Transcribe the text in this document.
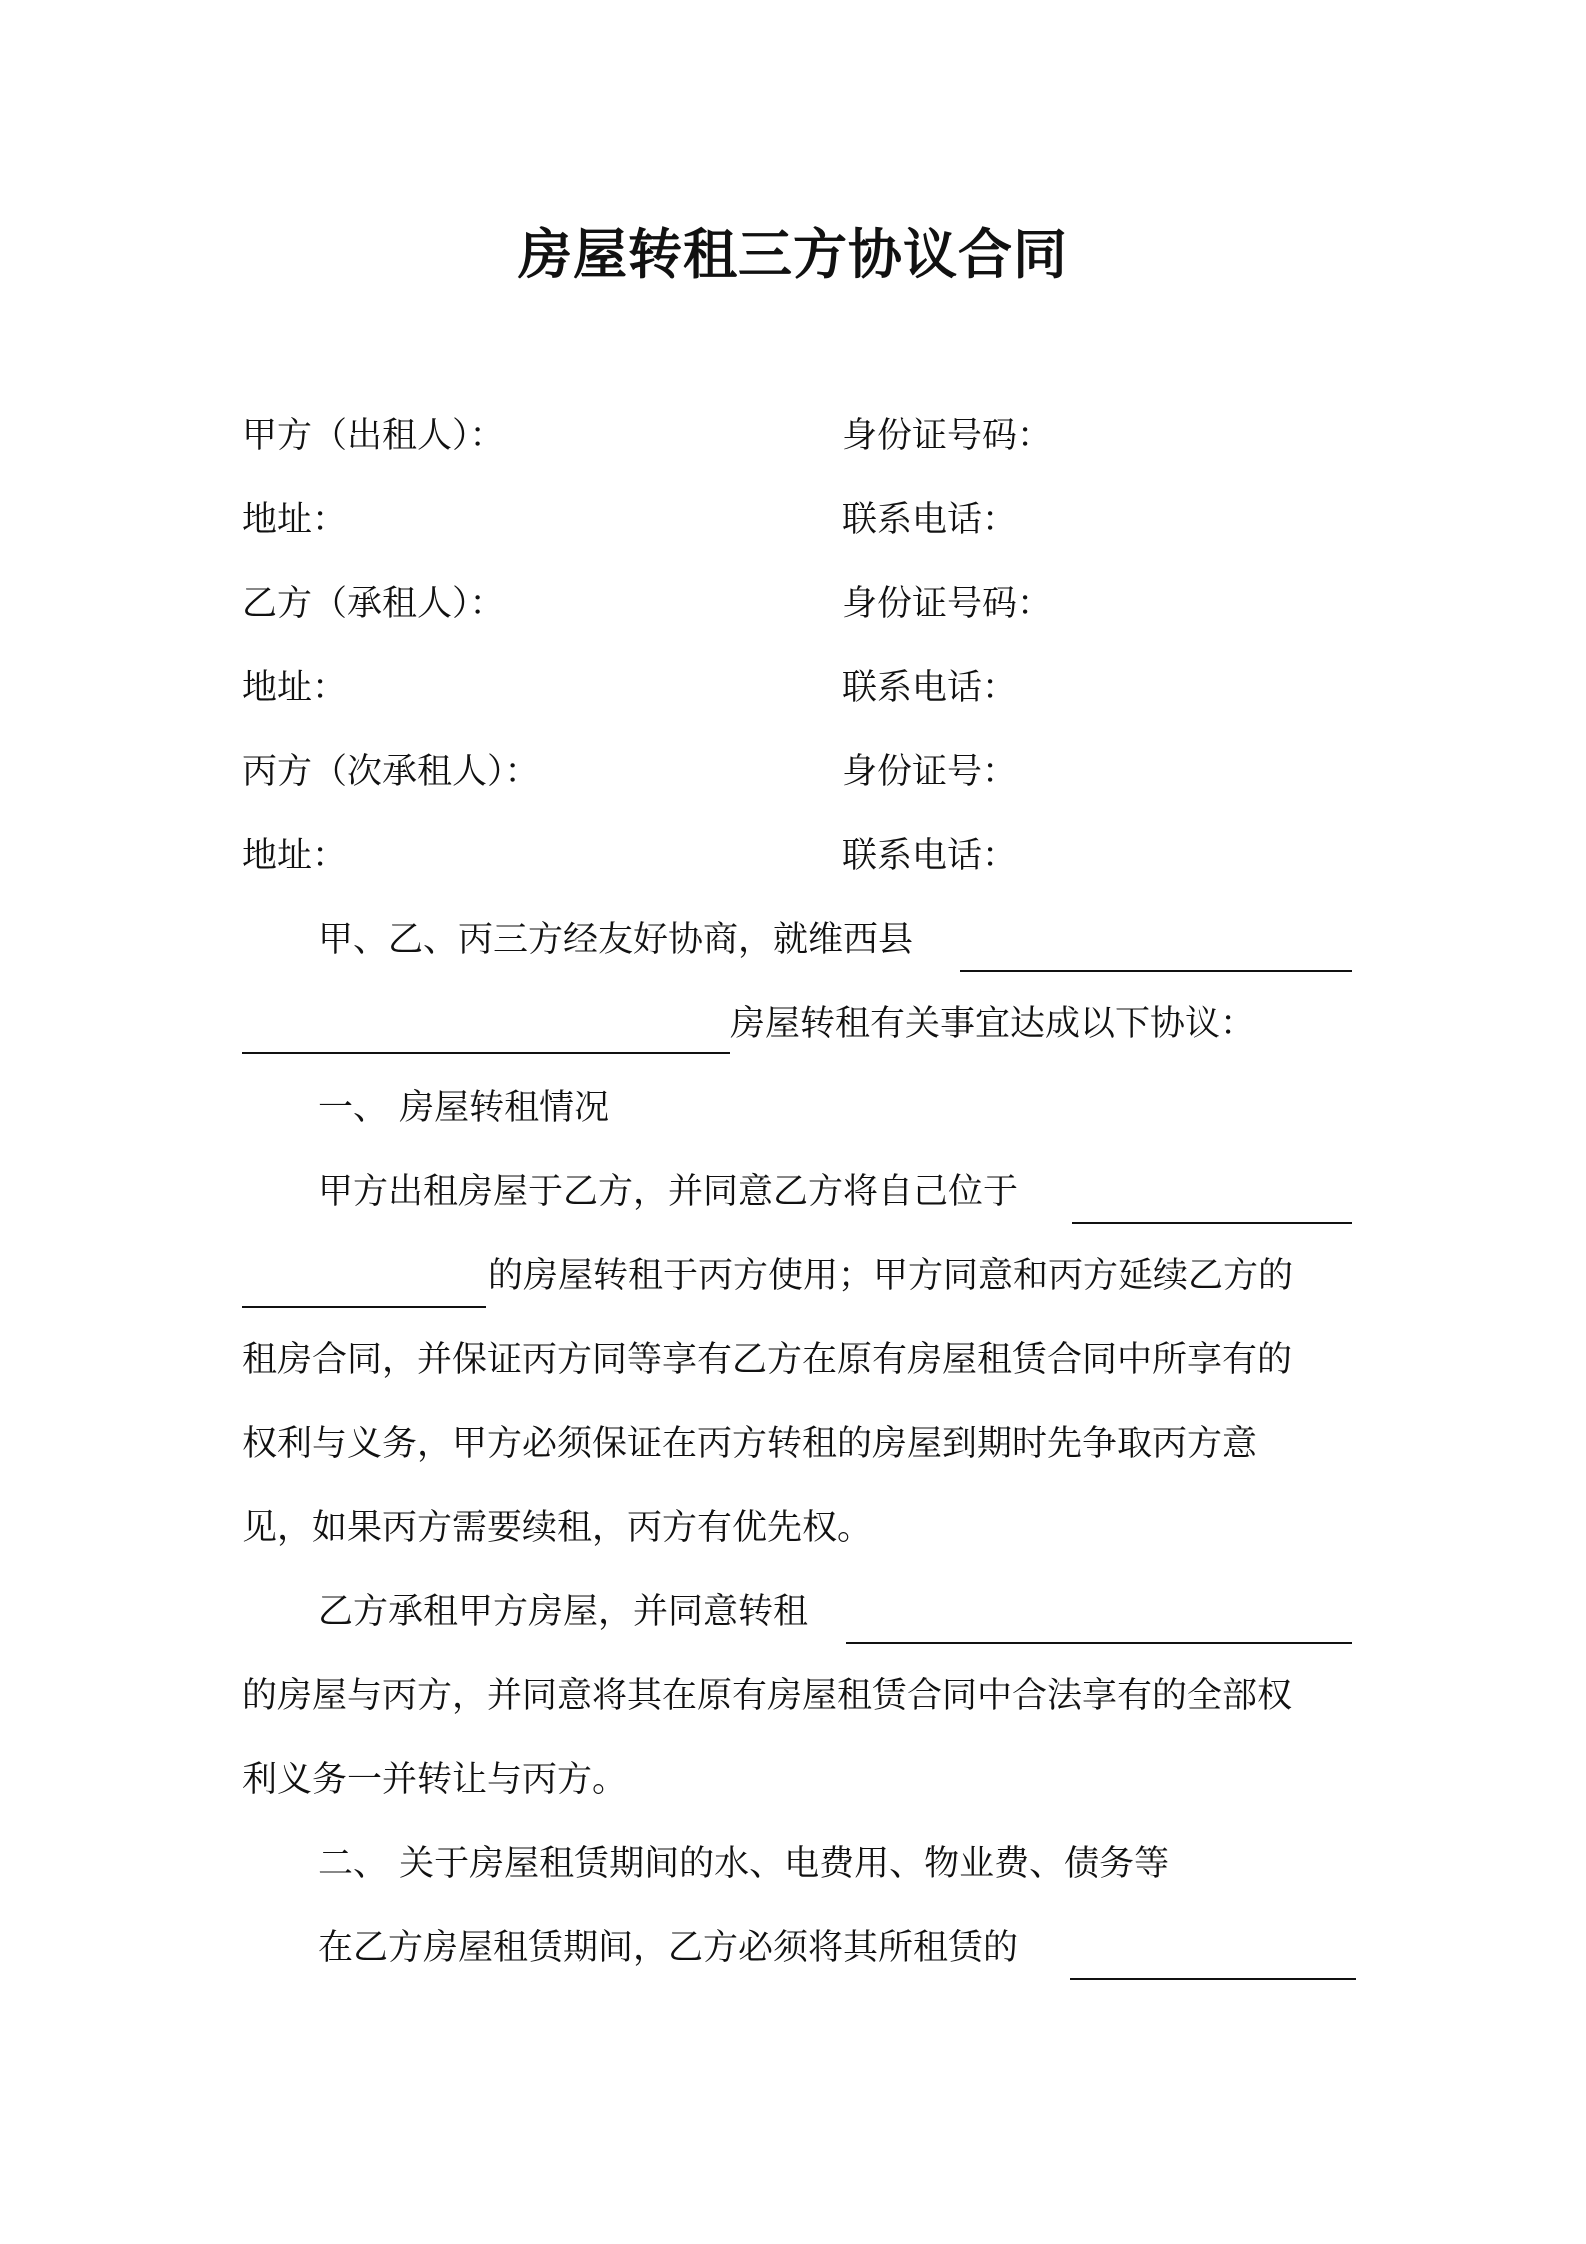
房屋转租三方协议合同
甲方（出租人）：	身份证号码：
地址：	联系电话：
乙方（承租人）：	身份证号码：
地址：	联系电话：
丙方（次承租人）：	身份证号：
地址：	联系电话：
甲、乙、丙三方经友好协商，就维西县
房屋转租有关事宜达成以下协议：
一、 房屋转租情况
甲方出租房屋于乙方，并同意乙方将自己位于
的房屋转租于丙方使用；甲方同意和丙方延续乙方的
租房合同，并保证丙方同等享有乙方在原有房屋租赁合同中所享有的
权利与义务，甲方必须保证在丙方转租的房屋到期时先争取丙方意
见，如果丙方需要续租，丙方有优先权。
乙方承租甲方房屋，并同意转租
的房屋与丙方，并同意将其在原有房屋租赁合同中合法享有的全部权
利义务一并转让与丙方。
二、 关于房屋租赁期间的水、电费用、物业费、债务等
在乙方房屋租赁期间，乙方必须将其所租赁的
